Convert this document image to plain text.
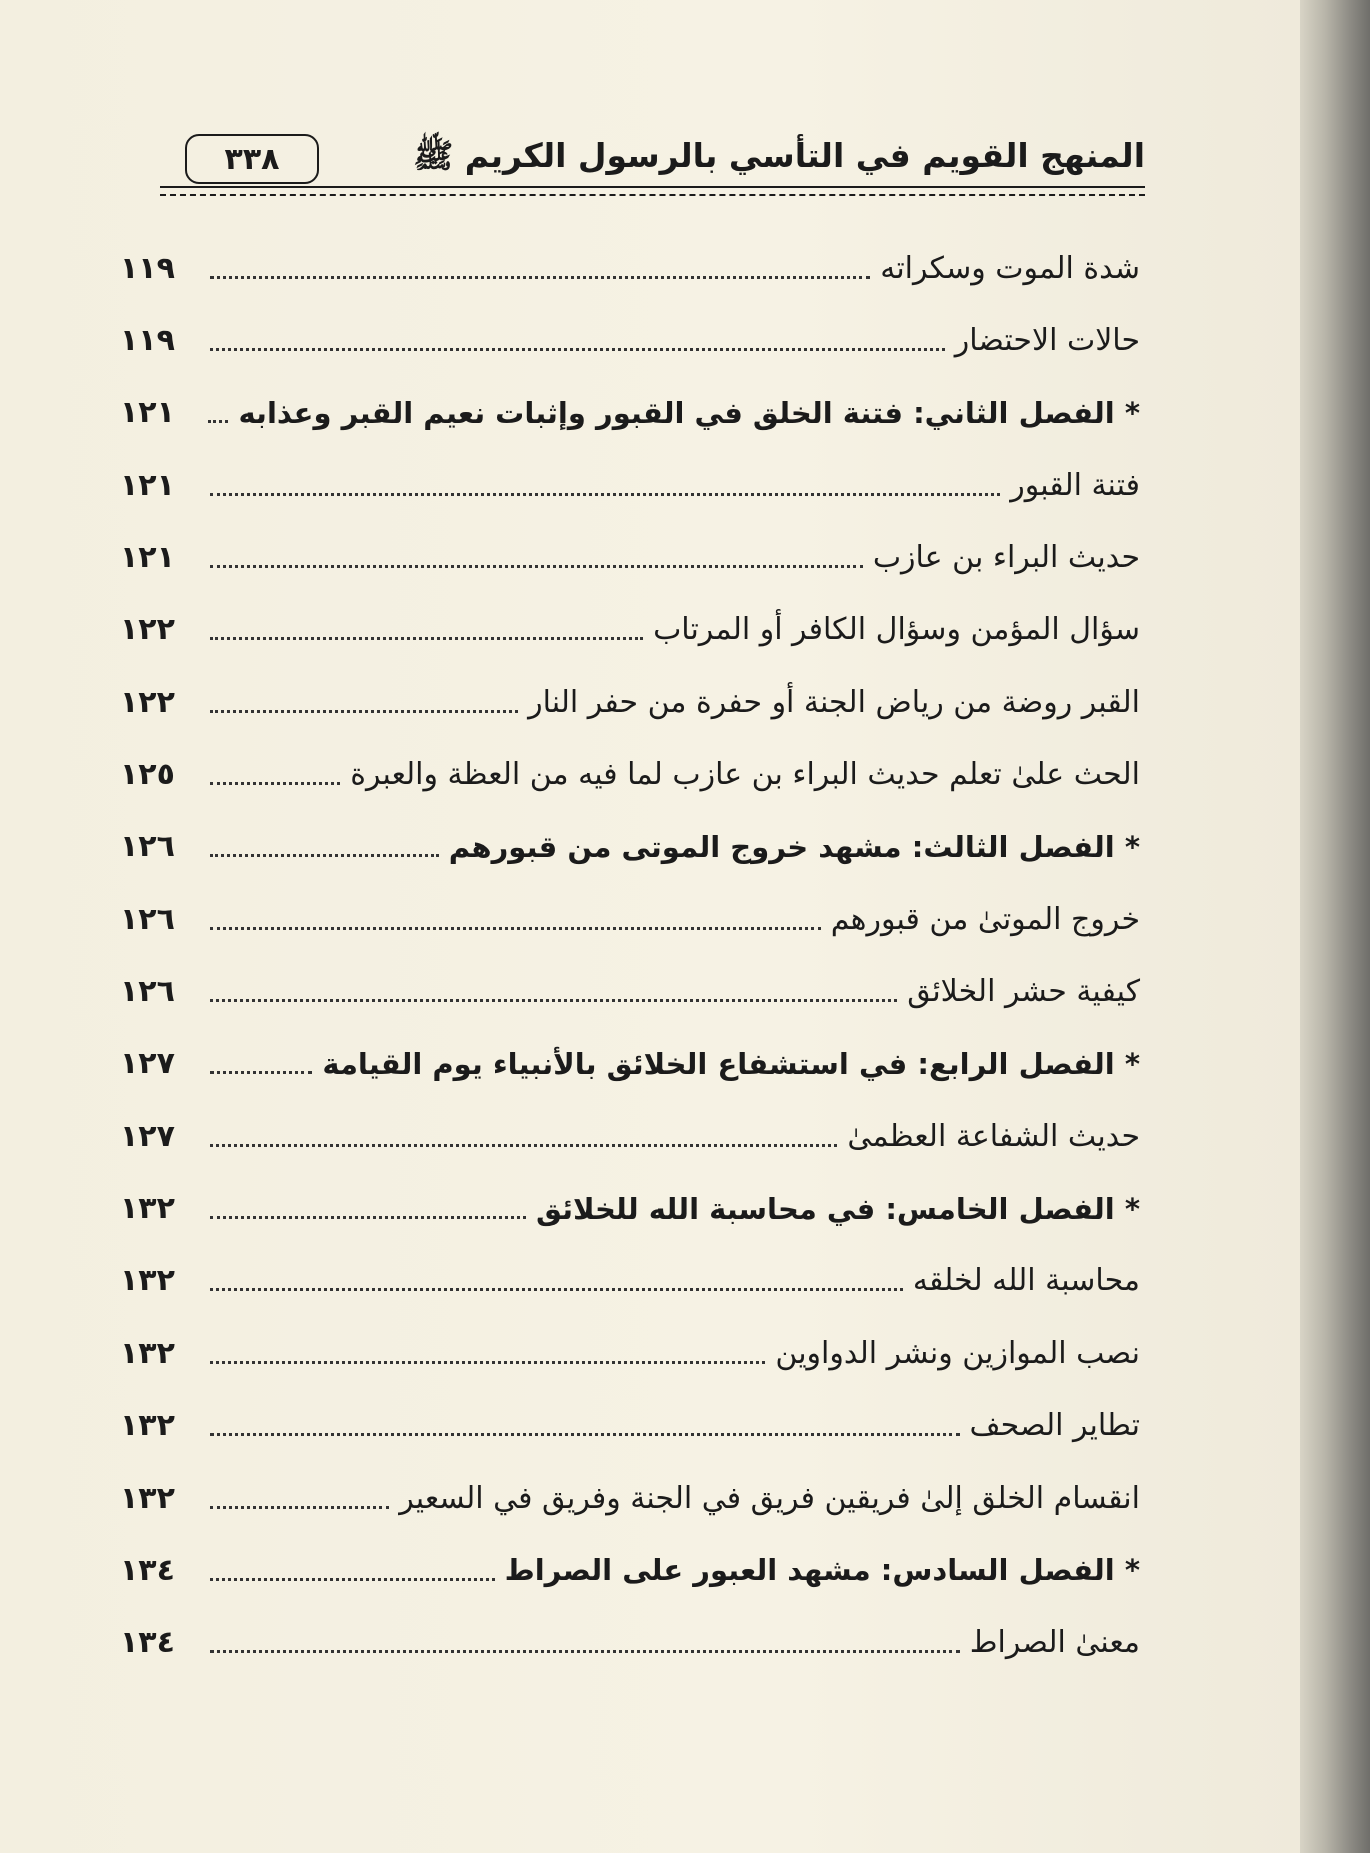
٣٣٨	المنهج القويم في التأسي بالرسول الكريم ﷺ
شدة الموت وسكراته
١١٩
حالات الاحتضار
١١٩
* الفصل الثاني: فتنة الخلق في القبور وإثبات نعيم القبر وعذابه
١٢١
فتنة القبور
١٢١
حديث البراء بن عازب
١٢١
سؤال المؤمن وسؤال الكافر أو المرتاب
١٢٢
القبر روضة من رياض الجنة أو حفرة من حفر النار
١٢٢
الحث علىٰ تعلم حديث البراء بن عازب لما فيه من العظة والعبرة
١٢٥
* الفصل الثالث: مشهد خروج الموتى من قبورهم
١٢٦
خروج الموتىٰ من قبورهم
١٢٦
كيفية حشر الخلائق
١٢٦
* الفصل الرابع: في استشفاع الخلائق بالأنبياء يوم القيامة
١٢٧
حديث الشفاعة العظمىٰ
١٢٧
* الفصل الخامس: في محاسبة الله للخلائق
١٣٢
محاسبة الله لخلقه
١٣٢
نصب الموازين ونشر الدواوين
١٣٢
تطاير الصحف
١٣٢
انقسام الخلق إلىٰ فريقين فريق في الجنة وفريق في السعير
١٣٢
* الفصل السادس: مشهد العبور على الصراط
١٣٤
معنىٰ الصراط
١٣٤
